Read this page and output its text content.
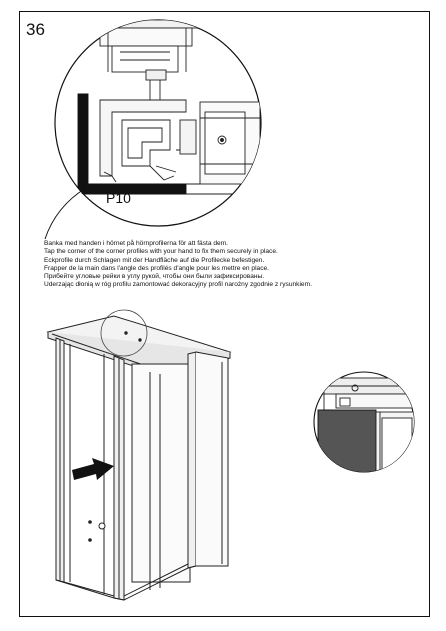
36
P10
Banka med handen i hörnet på hörnprofilerna för att fästa dem.
Tap the corner of the corner profiles with your hand to fix them securely in place.
Eckprofile durch Schlagen mit der Handfläche auf die Profilecke befestigen.
Frapper de la main dans l'angle des profilés d'angle pour les mettre en place.
Прибейте угловые рейки в углу рукой, чтобы они были зафиксированы.
Uderzając dłonią w róg profilu zamontować dekoracyjny profil narożny zgodnie z rysunkiem.
